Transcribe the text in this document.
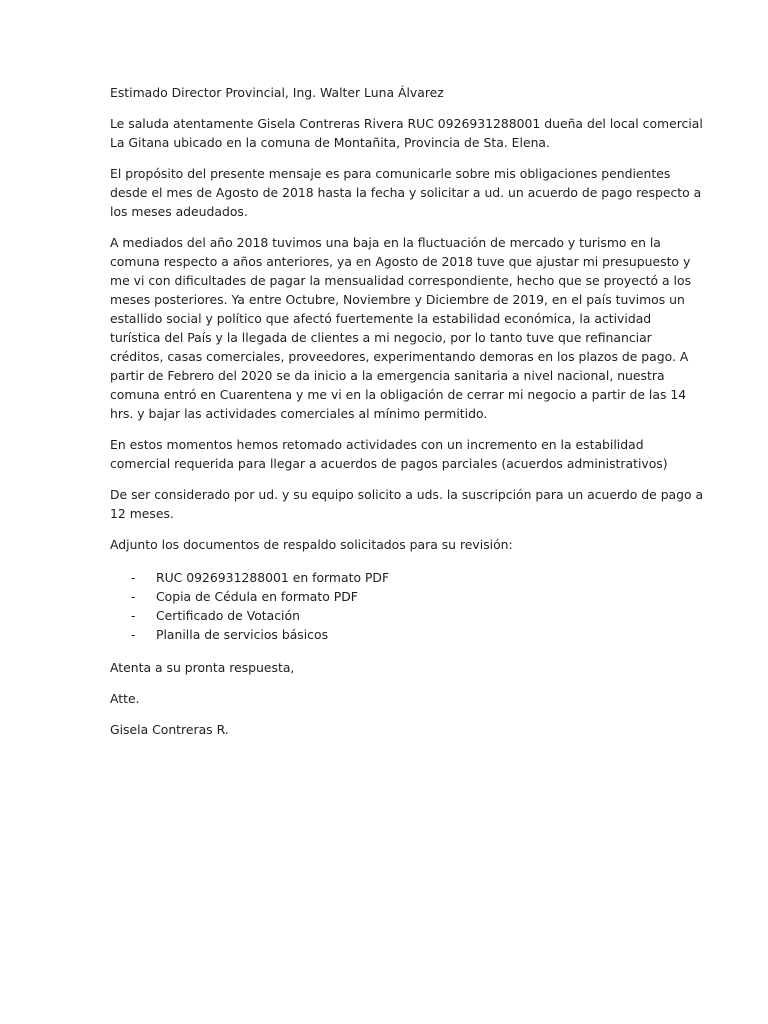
Estimado Director Provincial, Ing. Walter Luna Álvarez

Le saluda atentamente Gisela Contreras Rivera RUC 0926931288001 dueña del local comercial
La Gitana ubicado en la comuna de Montañita, Provincia de Sta. Elena.

El propósito del presente mensaje es para comunicarle sobre mis obligaciones pendientes
desde el mes de Agosto de 2018 hasta la fecha y solicitar a ud. un acuerdo de pago respecto a
los meses adeudados.

A mediados del año 2018 tuvimos una baja en la fluctuación de mercado y turismo en la
comuna respecto a años anteriores, ya en Agosto de 2018 tuve que ajustar mi presupuesto y
me vi con dificultades de pagar la mensualidad correspondiente, hecho que se proyectó a los
meses posteriores. Ya entre Octubre, Noviembre y Diciembre de 2019, en el país tuvimos un
estallido social y político que afectó fuertemente la estabilidad económica, la actividad
turística del País y la llegada de clientes a mi negocio, por lo tanto tuve que refinanciar
créditos, casas comerciales, proveedores, experimentando demoras en los plazos de pago. A
partir de Febrero del 2020 se da inicio a la emergencia sanitaria a nivel nacional, nuestra
comuna entró en Cuarentena y me vi en la obligación de cerrar mi negocio a partir de las 14
hrs. y bajar las actividades comerciales al mínimo permitido.

En estos momentos hemos retomado actividades con un incremento en la estabilidad
comercial requerida para llegar a acuerdos de pagos parciales (acuerdos administrativos)

De ser considerado por ud. y su equipo solicito a uds. la suscripción para un acuerdo de pago a
12 meses.

Adjunto los documentos de respaldo solicitados para su revisión:

- RUC 0926931288001 en formato PDF
- Copia de Cédula en formato PDF
- Certificado de Votación
- Planilla de servicios básicos

Atenta a su pronta respuesta,

Atte.

Gisela Contreras R.
